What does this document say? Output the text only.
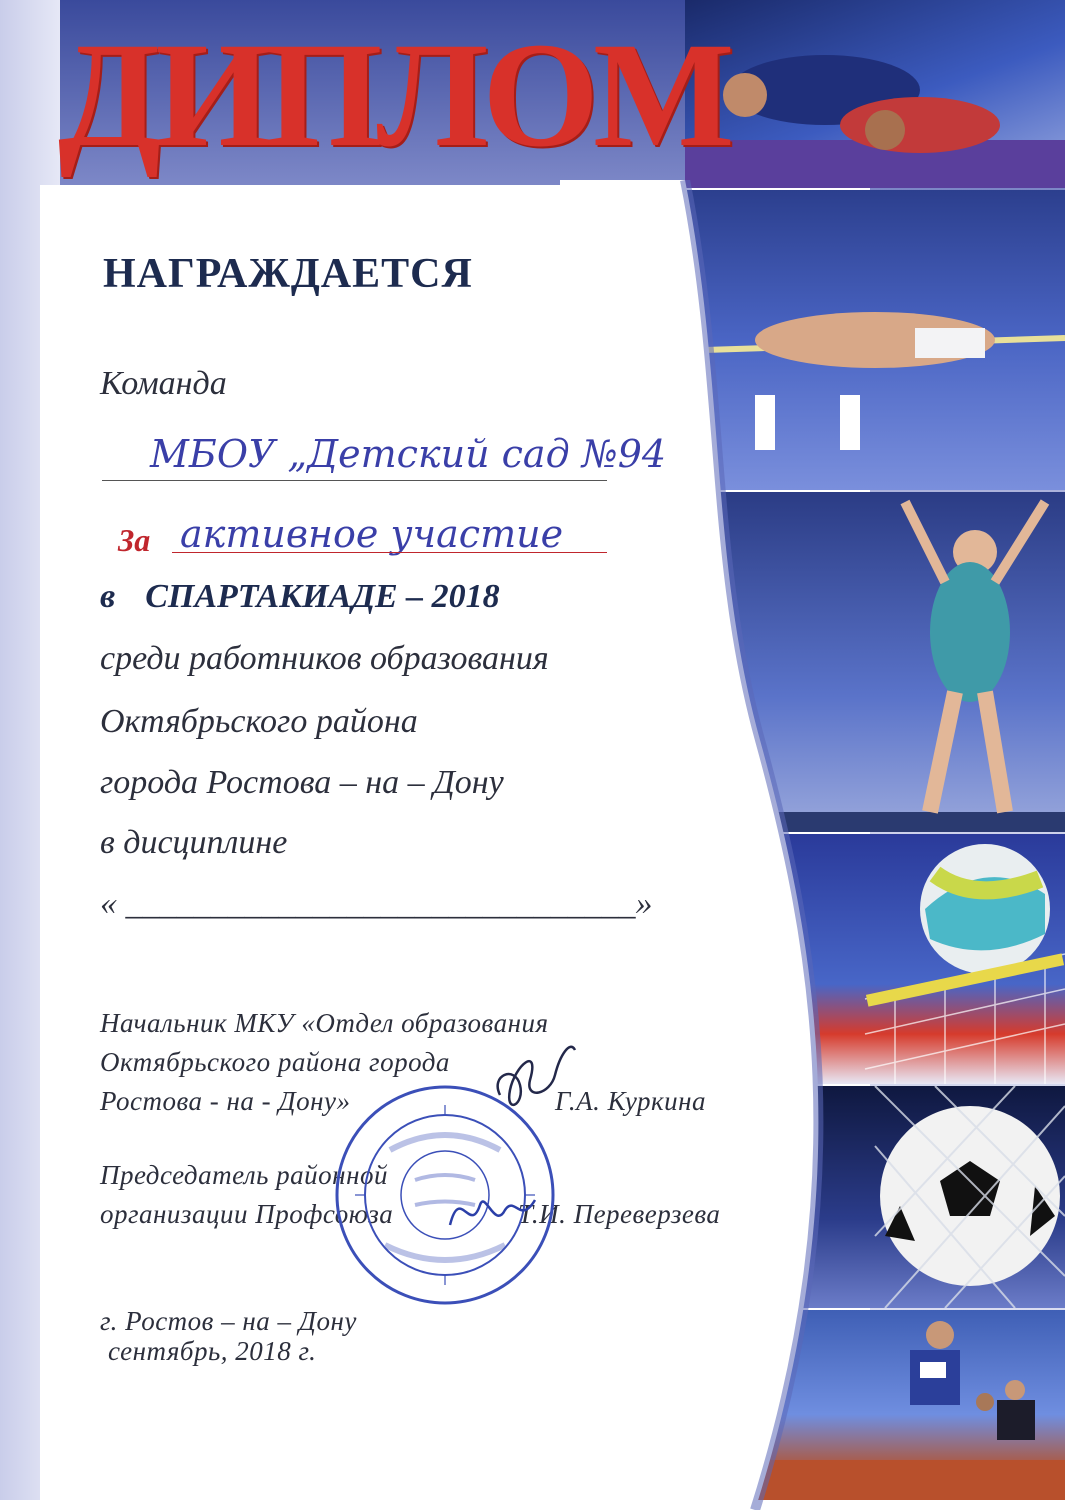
ДИПЛОМ
НАГРАЖДАЕТСЯ
Команда
МБОУ „Детский сад №94
За активное участие
в СПАРТАКИАДЕ – 2018
среди работников образования
Октябрьского района
города Ростова – на – Дону
в дисциплине
« ______________________________»
Начальник МКУ «Отдел образования
Октябрьского района города
Ростова - на - Дону»	Г.А. Куркина
Председатель районной
организации Профсоюза	Т.И. Переверзева
г. Ростов – на – Дону
сентябрь, 2018 г.
